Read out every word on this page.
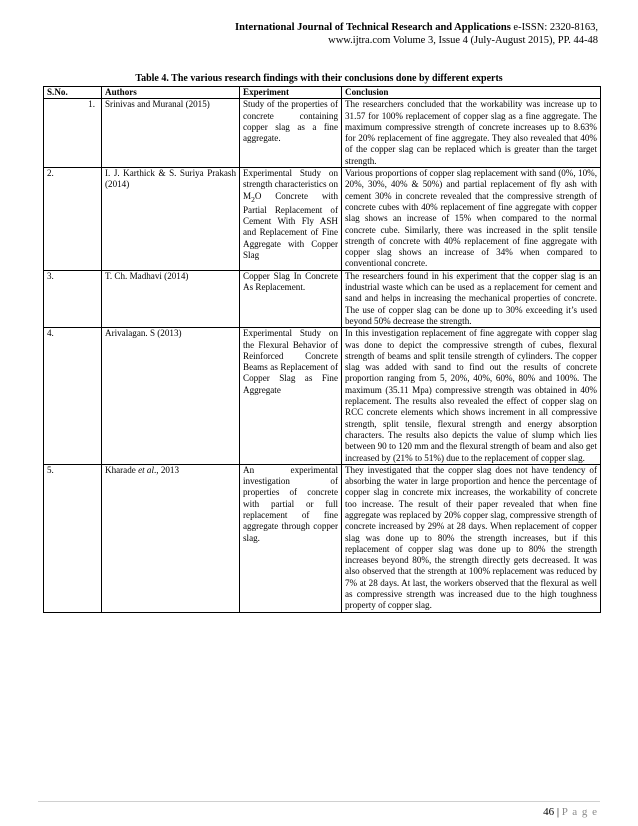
International Journal of Technical Research and Applications e-ISSN: 2320-8163,
www.ijtra.com Volume 3, Issue 4 (July-August 2015), PP. 44-48
Table 4. The various research findings with their conclusions done by different experts
S.No.	Authors	Experiment	Conclusion
1.	Srinivas and Muranal (2015)	Study of the properties of concrete containing copper slag as a fine aggregate.	The researchers concluded that the workability was increase up to 31.57 for 100% replacement of copper slag as a fine aggregate. The maximum compressive strength of concrete increases up to 8.63% for 20% replacement of fine aggregate. They also revealed that 40% of the copper slag can be replaced which is greater than the target strength.
2.	I. J. Karthick & S. Suriya Prakash (2014)	Experimental Study on strength characteristics on $M_2O$ Concrete with Partial Replacement of Cement With Fly ASH and Replacement of Fine Aggregate with Copper Slag	Various proportions of copper slag replacement with sand (0%, 10%, 20%, 30%, 40% & 50%) and partial replacement of fly ash with cement 30% in concrete revealed that the compressive strength of concrete cubes with 40% replacement of fine aggregate with copper slag shows an increase of 15% when compared to the normal concrete cube. Similarly, there was increased in the split tensile strength of concrete with 40% replacement of fine aggregate with copper slag shows an increase of 34% when compared to conventional concrete.
3.	T. Ch. Madhavi (2014)	Copper Slag In Concrete As Replacement.	The researchers found in his experiment that the copper slag is an industrial waste which can be used as a replacement for cement and sand and helps in increasing the mechanical properties of concrete. The use of copper slag can be done up to 30% exceeding it’s used beyond 50% decrease the strength.
4.	Arivalagan. S (2013)	Experimental Study on the Flexural Behavior of Reinforced Concrete Beams as Replacement of Copper Slag as Fine Aggregate	In this investigation replacement of fine aggregate with copper slag was done to depict the compressive strength of cubes, flexural strength of beams and split tensile strength of cylinders. The copper slag was added with sand to find out the results of concrete proportion ranging from 5, 20%, 40%, 60%, 80% and 100%. The maximum (35.11 Mpa) compressive strength was obtained in 40% replacement. The results also revealed the effect of copper slag on RCC concrete elements which shows increment in all compressive strength, split tensile, flexural strength and energy absorption characters. The results also depicts the value of slump which lies between 90 to 120 mm and the flexural strength of beam and also get increased by (21% to 51%) due to the replacement of copper slag.
5.	Kharade et al., 2013	An experimental investigation of properties of concrete with partial or full replacement of fine aggregate through copper slag.	They investigated that the copper slag does not have tendency of absorbing the water in large proportion and hence the percentage of copper slag in concrete mix increases, the workability of concrete too increase. The result of their paper revealed that when fine aggregate was replaced by 20% copper slag, compressive strength of concrete increased by 29% at 28 days. When replacement of copper slag was done up to 80% the strength increases, but if this replacement of copper slag was done up to 80% the strength increases beyond 80%, the strength directly gets decreased. It was also observed that the strength at 100% replacement was reduced by 7% at 28 days. At last, the workers observed that the flexural as well as compressive strength was increased due to the high toughness property of copper slag.
46 | P a g e
